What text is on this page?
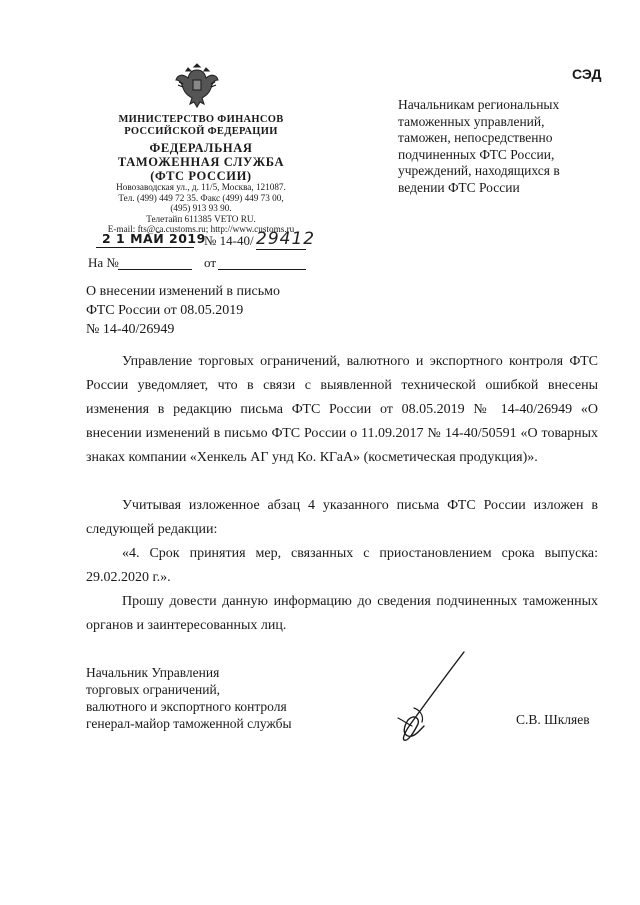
СЭД
МИНИСТЕРСТВО ФИНАНСОВ
РОССИЙСКОЙ ФЕДЕРАЦИИ
ФЕДЕРАЛЬНАЯ
ТАМОЖЕННАЯ СЛУЖБА
(ФТС РОССИИ)
Новозаводская ул., д. 11/5, Москва, 121087.
Тел. (499) 449 72 35. Факс (499) 449 73 00,
(495) 913 93 90.
Телетайп 611385 VETO RU.
E-mail: fts@ca.customs.ru; http://www.customs.ru
2 1 МАЙ 2019
№ 14-40/ 29412
На №	от
Начальникам региональных
таможенных управлений,
таможен, непосредственно
подчиненных ФТС России,
учреждений, находящихся в
ведении ФТС России
О внесении изменений в письмо
ФТС России от 08.05.2019
№ 14-40/26949
Управление торговых ограничений, валютного и экспортного контроля ФТС России уведомляет, что в связи с выявленной технической ошибкой внесены изменения в редакцию письма ФТС России от 08.05.2019 № 14-40/26949 «О внесении изменений в письмо ФТС России о 11.09.2017 № 14-40/50591 «О товарных знаках компании «Хенкель АГ унд Ко. КГаА» (косметическая продукция)».
Учитывая изложенное абзац 4 указанного письма ФТС России изложен в следующей редакции:
«4. Срок принятия мер, связанных с приостановлением срока выпуска: 29.02.2020 г.».
Прошу довести данную информацию до сведения подчиненных таможенных органов и заинтересованных лиц.
Начальник Управления
торговых ограничений,
валютного и экспортного контроля
генерал-майор таможенной службы	С.В. Шкляев
